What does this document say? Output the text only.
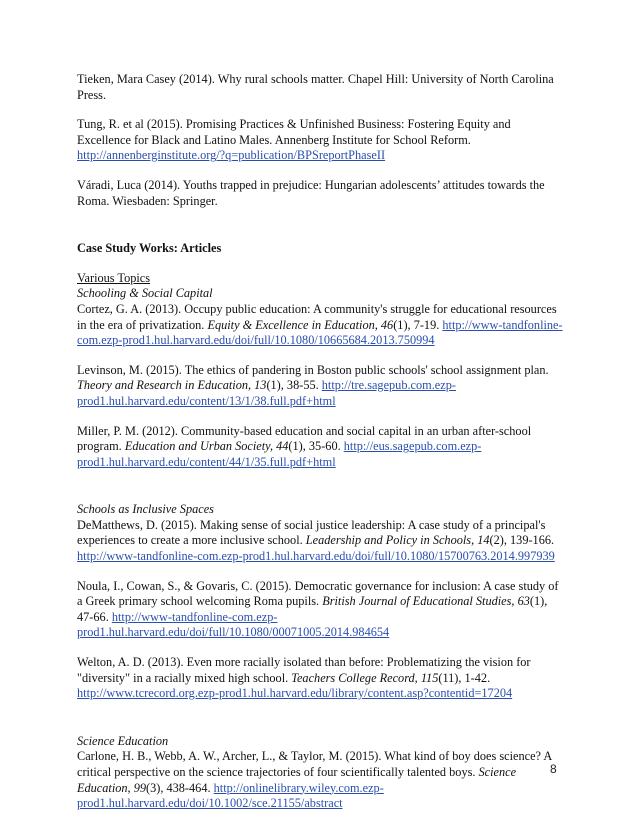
Tieken, Mara Casey (2014). Why rural schools matter. Chapel Hill: University of North Carolina Press.

Tung, R. et al (2015). Promising Practices & Unfinished Business: Fostering Equity and Excellence for Black and Latino Males. Annenberg Institute for School Reform. http://annenberginstitute.org/?q=publication/BPSreportPhaseII

Váradi, Luca (2014). Youths trapped in prejudice: Hungarian adolescents’ attitudes towards the Roma. Wiesbaden: Springer.

Case Study Works: Articles

Various Topics

Schooling & Social Capital

Cortez, G. A. (2013). Occupy public education: A community's struggle for educational resources in the era of privatization. Equity & Excellence in Education, 46(1), 7-19. http://www-tandfonline-com.ezp-prod1.hul.harvard.edu/doi/full/10.1080/10665684.2013.750994

Levinson, M. (2015). The ethics of pandering in Boston public schools' school assignment plan. Theory and Research in Education, 13(1), 38-55. http://tre.sagepub.com.ezp-prod1.hul.harvard.edu/content/13/1/38.full.pdf+html

Miller, P. M. (2012). Community-based education and social capital in an urban after-school program. Education and Urban Society, 44(1), 35-60. http://eus.sagepub.com.ezp-prod1.hul.harvard.edu/content/44/1/35.full.pdf+html

Schools as Inclusive Spaces

DeMatthews, D. (2015). Making sense of social justice leadership: A case study of a principal's experiences to create a more inclusive school. Leadership and Policy in Schools, 14(2), 139-166. http://www-tandfonline-com.ezp-prod1.hul.harvard.edu/doi/full/10.1080/15700763.2014.997939

Noula, I., Cowan, S., & Govaris, C. (2015). Democratic governance for inclusion: A case study of a Greek primary school welcoming Roma pupils. British Journal of Educational Studies, 63(1), 47-66. http://www-tandfonline-com.ezp-prod1.hul.harvard.edu/doi/full/10.1080/00071005.2014.984654

Welton, A. D. (2013). Even more racially isolated than before: Problematizing the vision for "diversity" in a racially mixed high school. Teachers College Record, 115(11), 1-42. http://www.tcrecord.org.ezp-prod1.hul.harvard.edu/library/content.asp?contentid=17204

Science Education

Carlone, H. B., Webb, A. W., Archer, L., & Taylor, M. (2015). What kind of boy does science? A critical perspective on the science trajectories of four scientifically talented boys. Science Education, 99(3), 438-464. http://onlinelibrary.wiley.com.ezp-prod1.hul.harvard.edu/doi/10.1002/sce.21155/abstract

8
